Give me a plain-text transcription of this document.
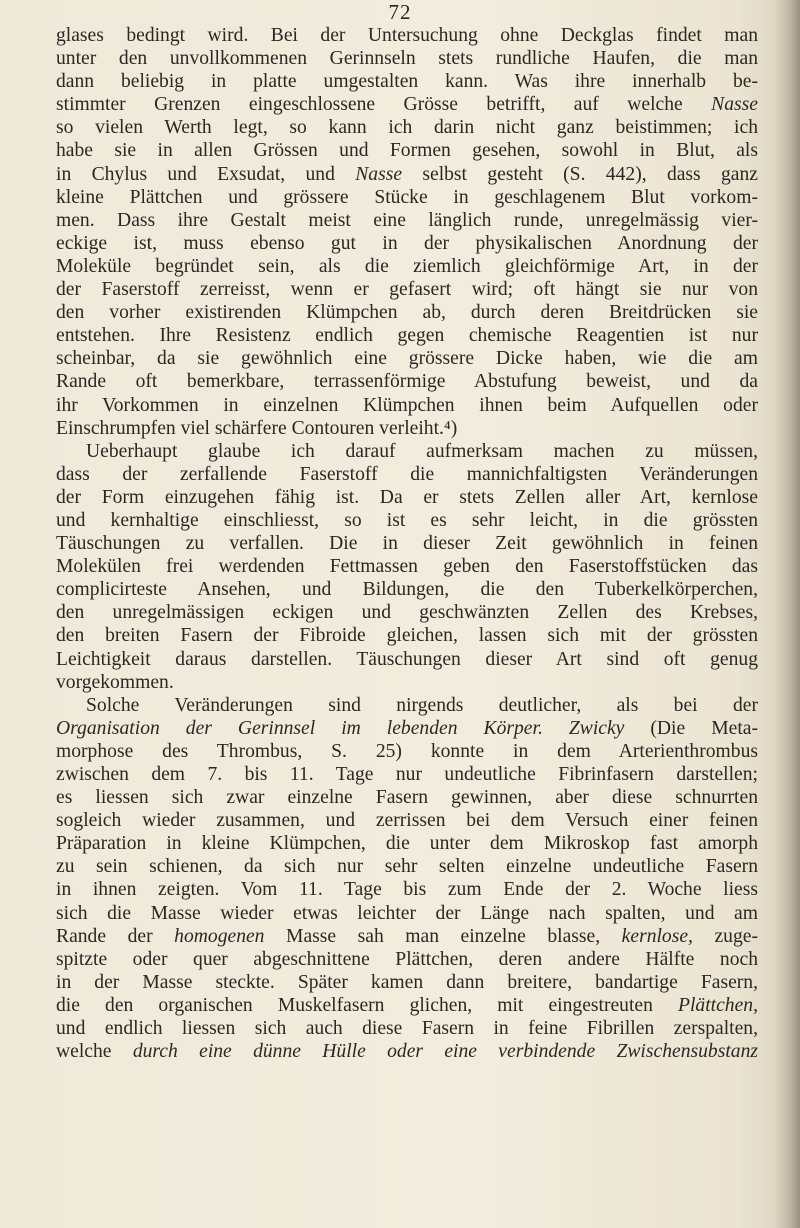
72
glases bedingt wird. Bei der Untersuchung ohne Deckglas findet man
unter den unvollkommenen Gerinnseln stets rundliche Haufen, die man
dann beliebig in platte umgestalten kann. Was ihre innerhalb be-
stimmter Grenzen eingeschlossene Grösse betrifft, auf welche Nasse
so vielen Werth legt, so kann ich darin nicht ganz beistimmen; ich
habe sie in allen Grössen und Formen gesehen, sowohl in Blut, als
in Chylus und Exsudat, und Nasse selbst gesteht (S. 442), dass ganz
kleine Plättchen und grössere Stücke in geschlagenem Blut vorkom-
men. Dass ihre Gestalt meist eine länglich runde, unregelmässig vier-
eckige ist, muss ebenso gut in der physikalischen Anordnung der
Moleküle begründet sein, als die ziemlich gleichförmige Art, in der
der Faserstoff zerreisst, wenn er gefasert wird; oft hängt sie nur von
den vorher existirenden Klümpchen ab, durch deren Breitdrücken sie
entstehen. Ihre Resistenz endlich gegen chemische Reagentien ist nur
scheinbar, da sie gewöhnlich eine grössere Dicke haben, wie die am
Rande oft bemerkbare, terrassenförmige Abstufung beweist, und da
ihr Vorkommen in einzelnen Klümpchen ihnen beim Aufquellen oder
Einschrumpfen viel schärfere Contouren verleiht.⁴)
Ueberhaupt glaube ich darauf aufmerksam machen zu müssen,
dass der zerfallende Faserstoff die mannichfaltigsten Veränderungen
der Form einzugehen fähig ist. Da er stets Zellen aller Art, kernlose
und kernhaltige einschliesst, so ist es sehr leicht, in die grössten
Täuschungen zu verfallen. Die in dieser Zeit gewöhnlich in feinen
Molekülen frei werdenden Fettmassen geben den Faserstoffstücken das
complicirteste Ansehen, und Bildungen, die den Tuberkelkörperchen,
den unregelmässigen eckigen und geschwänzten Zellen des Krebses,
den breiten Fasern der Fibroide gleichen, lassen sich mit der grössten
Leichtigkeit daraus darstellen. Täuschungen dieser Art sind oft genug
vorgekommen.
Solche Veränderungen sind nirgends deutlicher, als bei der
Organisation der Gerinnsel im lebenden Körper. Zwicky (Die Meta-
morphose des Thrombus, S. 25) konnte in dem Arterienthrombus
zwischen dem 7. bis 11. Tage nur undeutliche Fibrinfasern darstellen;
es liessen sich zwar einzelne Fasern gewinnen, aber diese schnurrten
sogleich wieder zusammen, und zerrissen bei dem Versuch einer feinen
Präparation in kleine Klümpchen, die unter dem Mikroskop fast amorph
zu sein schienen, da sich nur sehr selten einzelne undeutliche Fasern
in ihnen zeigten. Vom 11. Tage bis zum Ende der 2. Woche liess
sich die Masse wieder etwas leichter der Länge nach spalten, und am
Rande der homogenen Masse sah man einzelne blasse, kernlose, zuge-
spitzte oder quer abgeschnittene Plättchen, deren andere Hälfte noch
in der Masse steckte. Später kamen dann breitere, bandartige Fasern,
die den organischen Muskelfasern glichen, mit eingestreuten Plättchen,
und endlich liessen sich auch diese Fasern in feine Fibrillen zerspalten,
welche durch eine dünne Hülle oder eine verbindende Zwischensubstanz
